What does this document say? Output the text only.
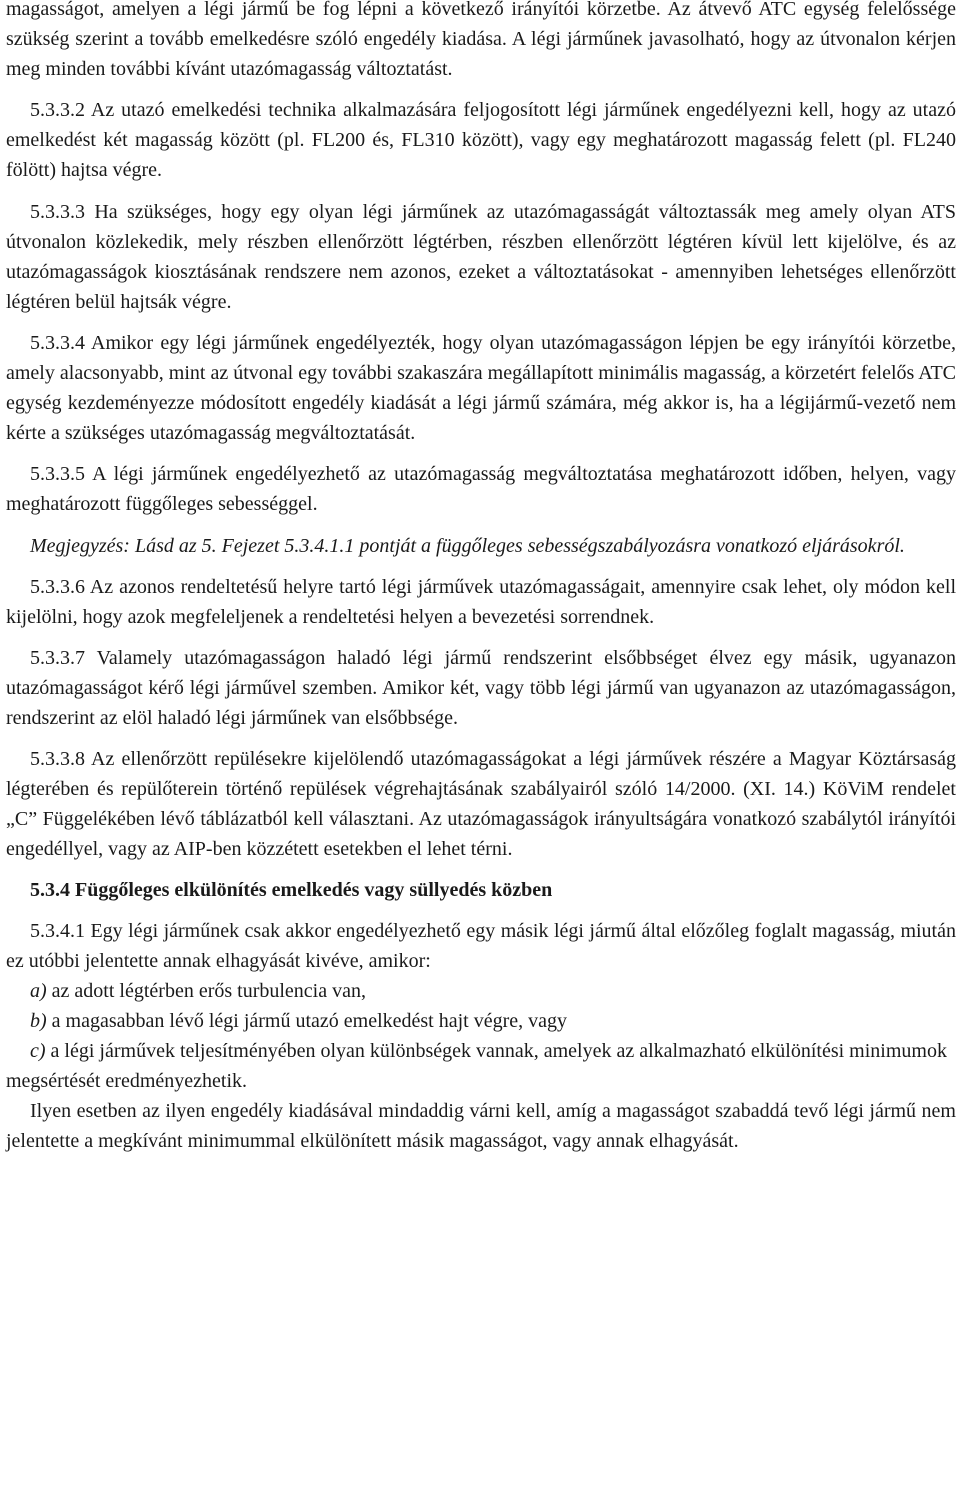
magasságot, amelyen a légi jármű be fog lépni a következő irányítói körzetbe. Az átvevő ATC egység felelőssége szükség szerint a tovább emelkedésre szóló engedély kiadása. A légi járműnek javasolható, hogy az útvonalon kérjen meg minden további kívánt utazómagasság változtatást.

5.3.3.2 Az utazó emelkedési technika alkalmazására feljogosított légi járműnek engedélyezni kell, hogy az utazó emelkedést két magasság között (pl. FL200 és, FL310 között), vagy egy meghatározott magasság felett (pl. FL240 fölött) hajtsa végre.

5.3.3.3 Ha szükséges, hogy egy olyan légi járműnek az utazómagasságát változtassák meg amely olyan ATS útvonalon közlekedik, mely részben ellenőrzött légtérben, részben ellenőrzött légtéren kívül lett kijelölve, és az utazómagasságok kiosztásának rendszere nem azonos, ezeket a változtatásokat - amennyiben lehetséges ellenőrzött légtéren belül hajtsák végre.

5.3.3.4 Amikor egy légi járműnek engedélyezték, hogy olyan utazómagasságon lépjen be egy irányítói körzetbe, amely alacsonyabb, mint az útvonal egy további szakaszára megállapított minimális magasság, a körzetért felelős ATC egység kezdeményezze módosított engedély kiadását a légi jármű számára, még akkor is, ha a légijármű-vezető nem kérte a szükséges utazómagasság megváltoztatását.

5.3.3.5 A légi járműnek engedélyezhető az utazómagasság megváltoztatása meghatározott időben, helyen, vagy meghatározott függőleges sebességgel.

Megjegyzés: Lásd az 5. Fejezet 5.3.4.1.1 pontját a függőleges sebességszabályozásra vonatkozó eljárásokról.

5.3.3.6 Az azonos rendeltetésű helyre tartó légi járművek utazómagasságait, amennyire csak lehet, oly módon kell kijelölni, hogy azok megfeleljenek a rendeltetési helyen a bevezetési sorrendnek.

5.3.3.7 Valamely utazómagasságon haladó légi jármű rendszerint elsőbbséget élvez egy másik, ugyanazon utazómagasságot kérő légi járművel szemben. Amikor két, vagy több légi jármű van ugyanazon az utazómagasságon, rendszerint az elöl haladó légi járműnek van elsőbbsége.

5.3.3.8 Az ellenőrzött repülésekre kijelölendő utazómagasságokat a légi járművek részére a Magyar Köztársaság légterében és repülőterein történő repülések végrehajtásának szabályairól szóló 14/2000. (XI. 14.) KöViM rendelet „C” Függelékében lévő táblázatból kell választani. Az utazómagasságok irányultságára vonatkozó szabálytól irányítói engedéllyel, vagy az AIP-ben közzétett esetekben el lehet térni.

5.3.4 Függőleges elkülönítés emelkedés vagy süllyedés közben

5.3.4.1 Egy légi járműnek csak akkor engedélyezhető egy másik légi jármű által előzőleg foglalt magasság, miután ez utóbbi jelentette annak elhagyását kivéve, amikor:

a) az adott légtérben erős turbulencia van,

b) a magasabban lévő légi jármű utazó emelkedést hajt végre, vagy

c) a légi járművek teljesítményében olyan különbségek vannak, amelyek az alkalmazható elkülönítési minimumok megsértését eredményezhetik.

Ilyen esetben az ilyen engedély kiadásával mindaddig várni kell, amíg a magasságot szabaddá tevő légi jármű nem jelentette a megkívánt minimummal elkülönített másik magasságot, vagy annak elhagyását.
